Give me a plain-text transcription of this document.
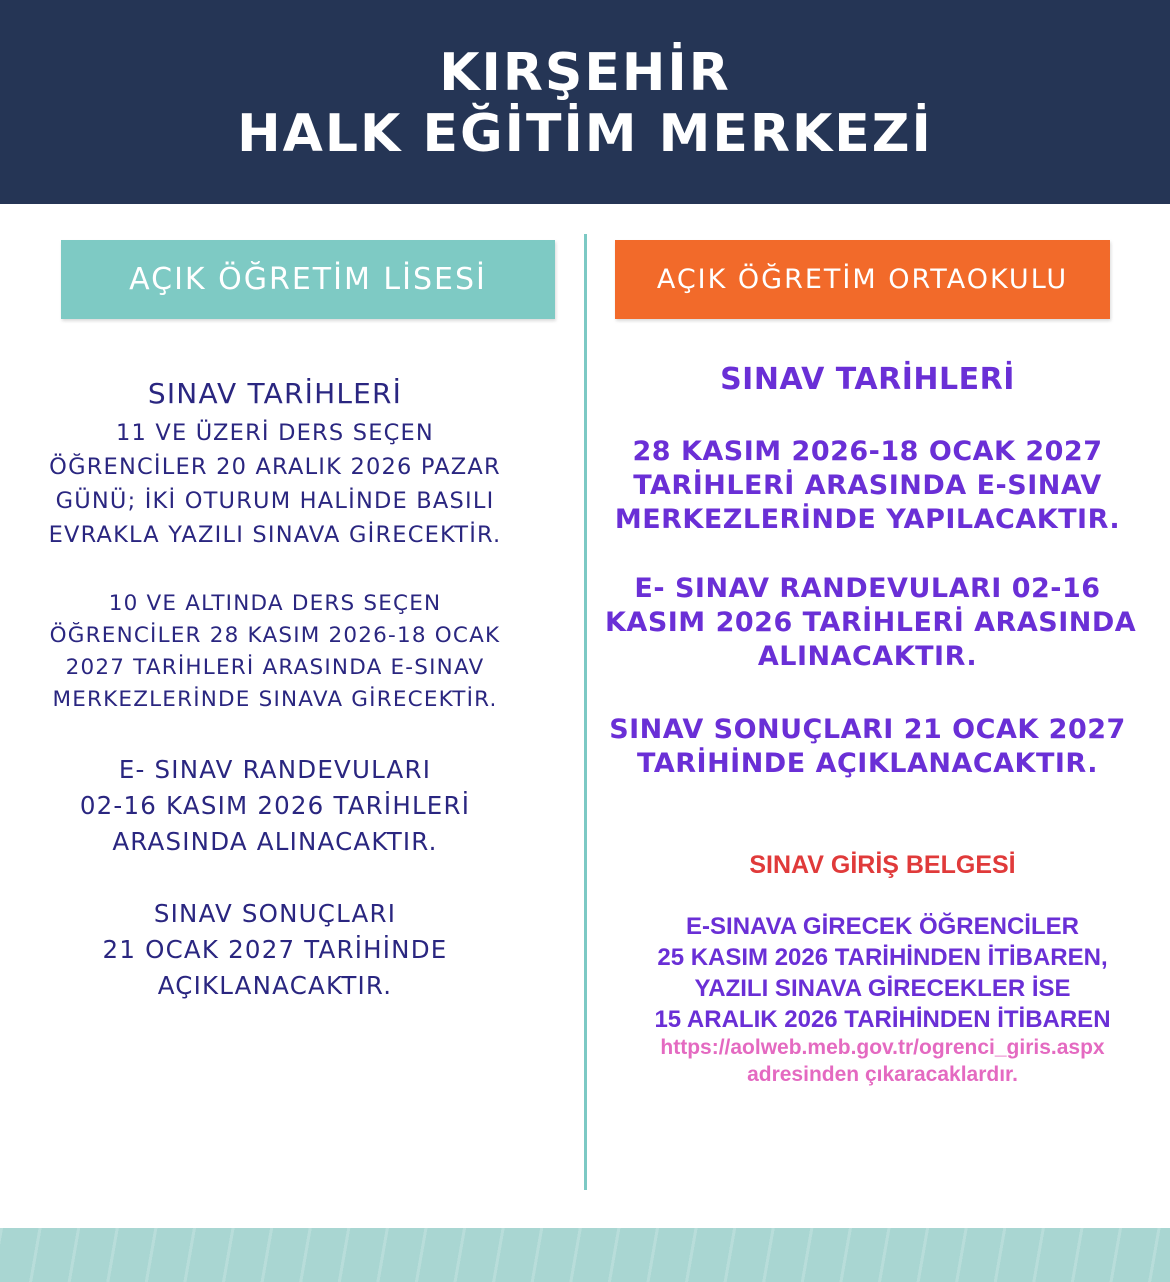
KIRŞEHİR
HALK EĞİTİM MERKEZİ
AÇIK ÖĞRETİM LİSESİ	AÇIK ÖĞRETİM ORTAOKULU
SINAV TARİHLERİ
11 VE ÜZERİ DERS SEÇEN
ÖĞRENCİLER 20 ARALIK 2026 PAZAR
GÜNÜ; İKİ OTURUM HALİNDE BASILI
EVRAKLA YAZILI SINAVA GİRECEKTİR.
10 VE ALTINDA DERS SEÇEN
ÖĞRENCİLER 28 KASIM 2026-18 OCAK
2027 TARİHLERİ ARASINDA E-SINAV
MERKEZLERİNDE SINAVA GİRECEKTİR.
E- SINAV RANDEVULARI
02-16 KASIM 2026 TARİHLERİ
ARASINDA ALINACAKTIR.
SINAV SONUÇLARI
21 OCAK 2027 TARİHİNDE
AÇIKLANACAKTIR.
SINAV TARİHLERİ
28 KASIM 2026-18 OCAK 2027
TARİHLERİ ARASINDA E-SINAV
MERKEZLERİNDE YAPILACAKTIR.
E- SINAV RANDEVULARI 02-16
KASIM 2026 TARİHLERİ ARASINDA
ALINACAKTIR.
SINAV SONUÇLARI 21 OCAK 2027
TARİHİNDE AÇIKLANACAKTIR.
SINAV GİRİŞ BELGESİ
E-SINAVA GİRECEK ÖĞRENCİLER
25 KASIM 2026 TARİHİNDEN İTİBAREN,
YAZILI SINAVA GİRECEKLER İSE
15 ARALIK 2026 TARİHİNDEN İTİBAREN
https://aolweb.meb.gov.tr/ogrenci_giris.aspx
adresinden çıkaracaklardır.
